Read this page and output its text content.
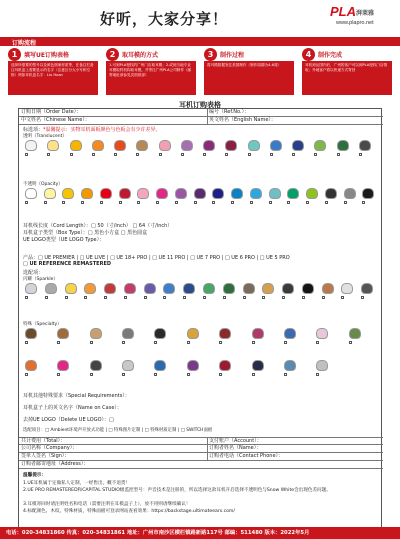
好听，大家分享！	PLA 湃莱雅
www.plapro.net
订购流程
1	填写UE订购表格
选择所需要的型号以及颜色图案材质等，在备注栏备注耳机盒上需要显示的名字（注意区分大小写和空格）例如耳机盒名字：Liu Huan
2	取耳模的方式
1.可到PLA授权的广州门店取耳模；2.或到当地专业耳模取样机构取耳模，并寄往广州PLA公司制作（邮寄地址请参见页面底部）
3	制作过程
将耳模数据发往美国制作（制作周期为4-6周）
4	制作完成
耳机到达国内后，广州的客户可以到PLA授权门店领取；外地客户将以快递方式寄回
耳机订购表格
订购日期（Order Date）：	编号（Ref.No.）：
中文姓名（Chinese Name）：	英文姓名（English Name）：
标选项：*温馨提示：实物耳机面板颜色与色板会有少许差异。
透明（Translucent）
不透明（Opacity）
耳机线长度（Cord Length）：□ 50（寸/inch） □ 64（寸/inch）
耳机盒子类型（Box Type）：□ 黑色小方盒 □ 黑色圆盒
UE LOGO类型（UE LOGO Type）：
产品：□ UE PREMIER | □ UE LIVE | □ UE 18+ PRO | □ UE 11 PRO | □ UE 7 PRO | □ UE 6 PRO | □ UE 5 PRO
□ UE REFERENCE REMASTERED
选配项：
闪耀（Sparkle）
特殊（Specialty）
耳机其他特殊要求（Special Requirements）：
耳机盒子上的英文名字（Name on Case）：
去掉UE LOGO（Delete UE LOGO）：□
选配项目：□ Ambient环境声开放式功能 | □ 特殊图片定制 | □ 特殊材质定制 | □ SWITCH面板
共计费用（Total）：	支付账户（Account）：
公司名称（Company）：	订购者姓名（Name）：
签单人签名（Sign）：	订购者电话（Contact Phone）：
订购者邮寄地址（Address）：
温馨提示：
1.UE耳机属于定做私人定制，一经售出，概不退货！
2.UE PRO REMASTERED和CAPITAL STUDIO级监控型号：声音技术是注册的，所以选择这款耳机开启选择不透明色与Snow White会出现色差问题。
3.耳模寄回时请注明姓名和电话（需要注明在耳模盒子上），放不用则请继续确认！
4.标配颜色、木纹、特殊材质，特殊面板可登录网站查看效果：https://backstage.ultimateears.com/
电话：020-34831860 传真：020-34831861 地址：广州市南沙区横栏镇路新路117号 邮编：511480 版本：2022年5月
